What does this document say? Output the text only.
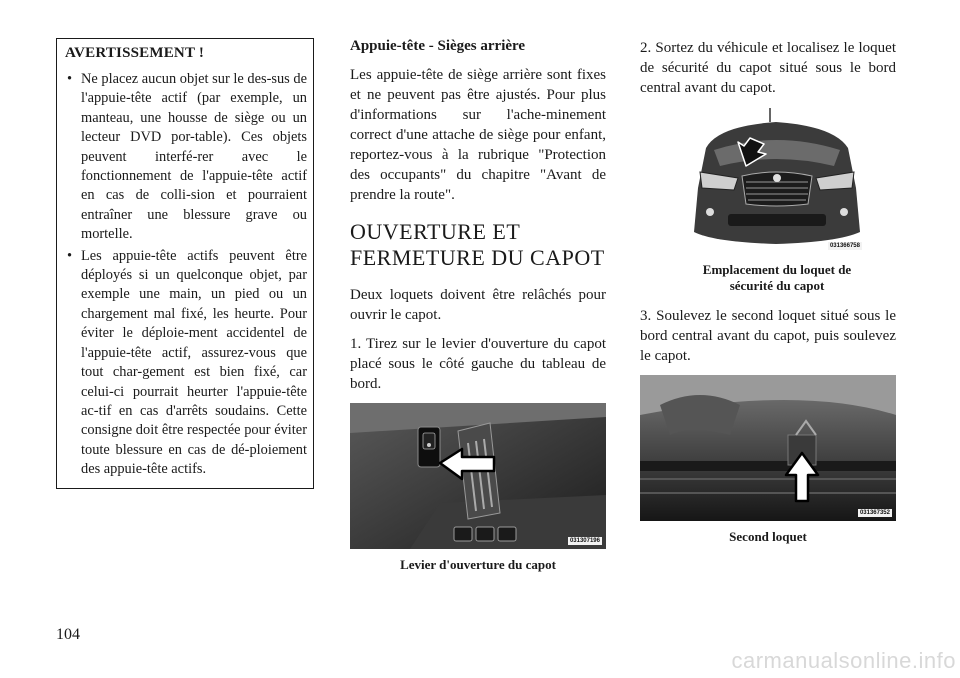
AVERTISSEMENT !
• Ne placez aucun objet sur le des-sus de l'appuie-tête actif (par exemple, un manteau, une housse de siège ou un lecteur DVD por-table). Ces objets peuvent interfé-rer avec le fonctionnement de l'appuie-tête actif en cas de colli-sion et pourraient entraîner une blessure grave ou mortelle.
• Les appuie-tête actifs peuvent être déployés si un quelconque objet, par exemple une main, un pied ou un chargement mal fixé, les heurte. Pour éviter le déploie-ment accidentel de l'appuie-tête actif, assurez-vous que tout char-gement est bien fixé, car celui-ci pourrait heurter l'appuie-tête ac-tif en cas d'arrêts soudains. Cette consigne doit être respectée pour éviter toute blessure en cas de dé-ploiement des appuie-tête actifs.
Appuie-tête - Sièges arrière

Les appuie-tête de siège arrière sont fixes et ne peuvent pas être ajustés. Pour plus d'informations sur l'ache-minement correct d'une attache de siège pour enfant, reportez-vous à la rubrique "Protection des occupants" du chapitre "Avant de prendre la route".

OUVERTURE ET
FERMETURE DU CAPOT

Deux loquets doivent être relâchés pour ouvrir le capot.

1. Tirez sur le levier d'ouverture du capot placé sous le côté gauche du tableau de bord.

031307196
Levier d'ouverture du capot

2. Sortez du véhicule et localisez le loquet de sécurité du capot situé sous le bord central avant du capot.

031366758
Emplacement du loquet de sécurité du capot

3. Soulevez le second loquet situé sous le bord central avant du capot, puis soulevez le capot.

031367352
Second loquet
104
carmanualsonline.info
